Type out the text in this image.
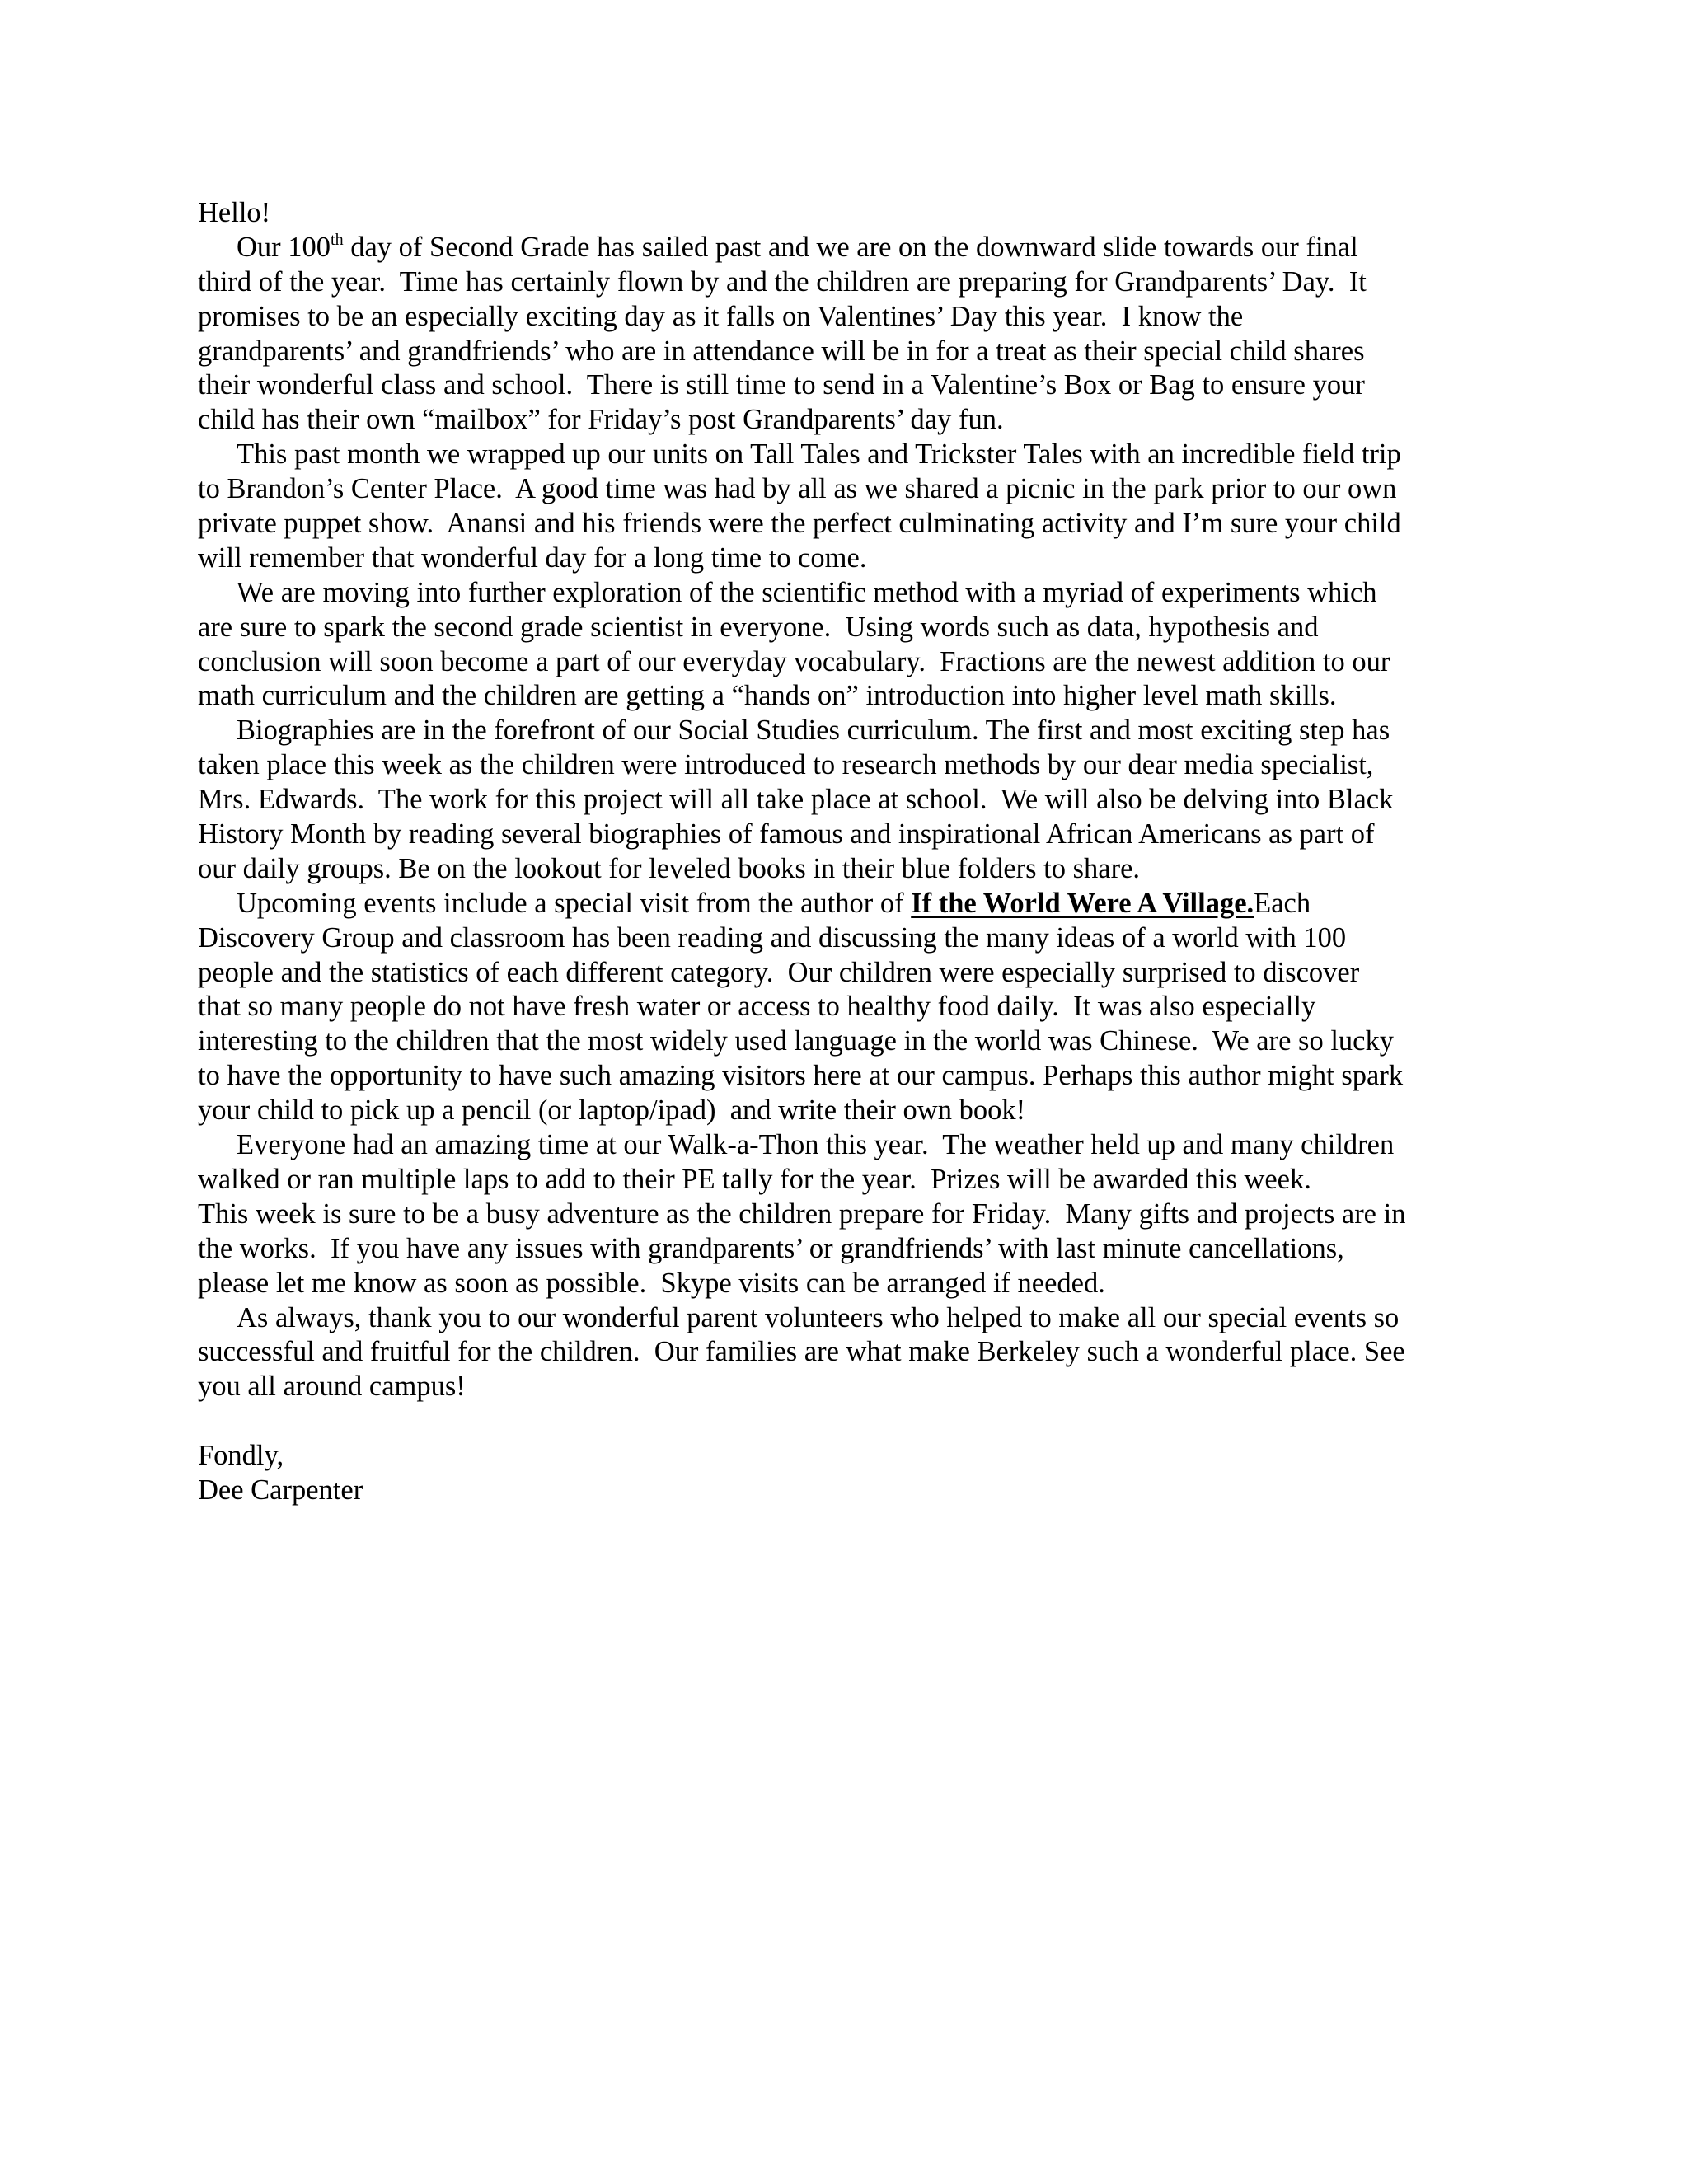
Hello!
Our 100th day of Second Grade has sailed past and we are on the downward slide towards our final
third of the year.  Time has certainly flown by and the children are preparing for Grandparents’ Day.  It
promises to be an especially exciting day as it falls on Valentines’ Day this year.  I know the
grandparents’ and grandfriends’ who are in attendance will be in for a treat as their special child shares
their wonderful class and school.  There is still time to send in a Valentine’s Box or Bag to ensure your
child has their own “mailbox” for Friday’s post Grandparents’ day fun.
This past month we wrapped up our units on Tall Tales and Trickster Tales with an incredible field trip
to Brandon’s Center Place.  A good time was had by all as we shared a picnic in the park prior to our own
private puppet show.  Anansi and his friends were the perfect culminating activity and I’m sure your child
will remember that wonderful day for a long time to come.
We are moving into further exploration of the scientific method with a myriad of experiments which
are sure to spark the second grade scientist in everyone.  Using words such as data, hypothesis and
conclusion will soon become a part of our everyday vocabulary.  Fractions are the newest addition to our
math curriculum and the children are getting a “hands on” introduction into higher level math skills.
Biographies are in the forefront of our Social Studies curriculum. The first and most exciting step has
taken place this week as the children were introduced to research methods by our dear media specialist,
Mrs. Edwards.  The work for this project will all take place at school.  We will also be delving into Black
History Month by reading several biographies of famous and inspirational African Americans as part of
our daily groups. Be on the lookout for leveled books in their blue folders to share.
Upcoming events include a special visit from the author of If the World Were A Village.Each
Discovery Group and classroom has been reading and discussing the many ideas of a world with 100
people and the statistics of each different category.  Our children were especially surprised to discover
that so many people do not have fresh water or access to healthy food daily.  It was also especially
interesting to the children that the most widely used language in the world was Chinese.  We are so lucky
to have the opportunity to have such amazing visitors here at our campus. Perhaps this author might spark
your child to pick up a pencil (or laptop/ipad)  and write their own book!
Everyone had an amazing time at our Walk-a-Thon this year.  The weather held up and many children
walked or ran multiple laps to add to their PE tally for the year.  Prizes will be awarded this week.
This week is sure to be a busy adventure as the children prepare for Friday.  Many gifts and projects are in
the works.  If you have any issues with grandparents’ or grandfriends’ with last minute cancellations,
please let me know as soon as possible.  Skype visits can be arranged if needed.
As always, thank you to our wonderful parent volunteers who helped to make all our special events so
successful and fruitful for the children.  Our families are what make Berkeley such a wonderful place. See
you all around campus!
Fondly,
Dee Carpenter
